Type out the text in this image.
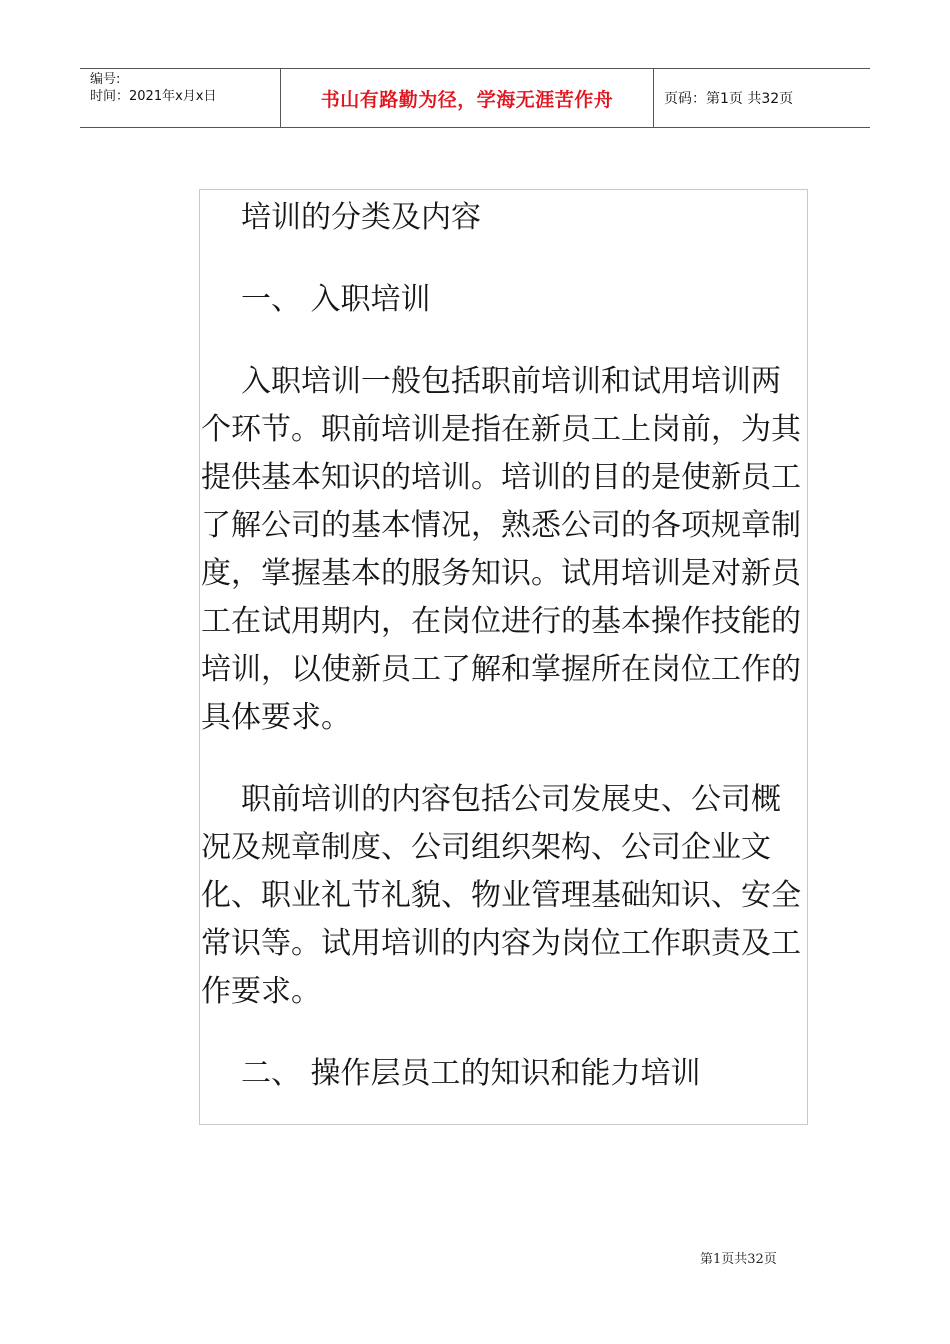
编号:
时间：2021年x月x日	书山有路勤为径，学海无涯苦作舟	页码：第1页 共32页

培训的分类及内容

一、 入职培训

入职培训一般包括职前培训和试用培训两个环节。职前培训是指在新员工上岗前，为其提供基本知识的培训。培训的目的是使新员工了解公司的基本情况，熟悉公司的各项规章制度，掌握基本的服务知识。试用培训是对新员工在试用期内，在岗位进行的基本操作技能的培训，以使新员工了解和掌握所在岗位工作的具体要求。

职前培训的内容包括公司发展史、公司概况及规章制度、公司组织架构、公司企业文化、职业礼节礼貌、物业管理基础知识、安全常识等。试用培训的内容为岗位工作职责及工作要求。

二、 操作层员工的知识和能力培训

第1页共32页
